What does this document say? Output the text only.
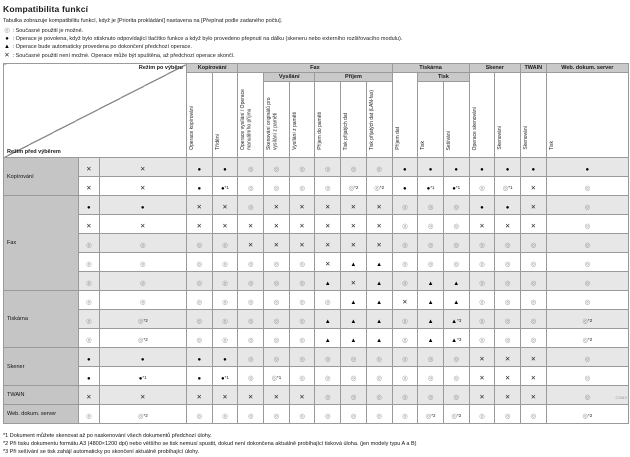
Kompatibilita funkcí

Tabulka zobrazuje kompatibilitu funkcí, když je [Priorita prokládání] nastavena na [Přepínat podle zadaného počtu].

◎ : Současné použití je možné.
● : Operace je povolena, když bylo stisknuto odpovídající tlačítko funkce a když bylo provedeno přepnutí na dálku (skeneru nebo externího rozšiřovacího modulu).
▲ : Operace bude automaticky provedena po dokončení předchozí operace.
✕ : Současné použití není možné. Operace může být spuštěna, až předchozí operace skončí.
Režim po výběru
Režim před výběrem			Kopírování		Fax						Tiskárna			Skener		TWAIN	Web. dokum. server
			Operace kopírování	Třídění	Operace vysílání / Operace manuálního příjmu	Vysílání		Příjem			Příjem dat	Tisk		Operace skenování	Skenování	Skenování	Tisk
						Skenování originálů pro vysílání z paměti	Vysílání z paměti	Příjem do paměti	Tisk přijatých dat	Tisk přijatých dat (LAN-fax)		Tisk	Sešívání				
Kopírování	✕	✕	●	●	◎	◎	◎	◎	◎	◎	●	●	●	●	●	●	●
	✕	✕	●	●*1	◎	◎	◎	◎	◎*2	◎*2	●	●*1	●*1	◎	◎*1	✕	◎
Fax	●	●	✕	✕	◎	✕	✕	✕	✕	✕	◎	◎	◎	●	●	✕	◎
	✕	✕	✕	✕	✕	✕	✕	✕	✕	✕	◎	◎	◎	✕	✕	✕	◎
	◎	◎	◎	◎	✕	✕	✕	✕	✕	✕	◎	◎	◎	◎	◎	◎	◎
	◎	◎	◎	◎	◎	◎	◎	✕	▲	▲	◎	◎	◎	◎	◎	◎	◎
	◎	◎	◎	◎	◎	◎	◎	▲	✕	▲	◎	▲	▲	◎	◎	◎	◎
Tiskárna	◎	◎	◎	◎	◎	◎	◎	◎	▲	▲	✕	▲	▲	◎	◎	◎	◎
	◎	◎*2	◎	◎	◎	◎	◎	▲	▲	▲	◎	▲	▲*3	◎	◎	◎	◎*2
	◎	◎*2	◎	◎	◎	◎	◎	▲	▲	▲	◎	▲	▲*3	◎	◎	◎	◎*2
Skener	●	●	●	●	◎	◎	◎	◎	◎	◎	◎	◎	◎	✕	✕	✕	◎
	●	●*1	●	●*1	◎	◎*1	◎	◎	◎	◎	◎	◎	◎	✕	✕	✕	◎
TWAIN	✕	✕	✕	✕	✕	✕	✕	◎	◎	◎	◎	◎	◎	✕	✕	✕	◎
Web. dokum. server	◎	◎*2	◎	◎	◎	◎	◎	◎	◎	◎	◎	◎*2	◎*2	◎	◎	◎	◎*2
*1 Dokument můžete skenovat až po naskenování všech dokumentů předchozí úlohy.
*2 Při tisku dokumentu formátu A3 (4800×1200 dpi) nebo většího se tisk nemusí spustit, dokud není dokončena aktuálně probíhající tisková úloha. (jen modely typu A a B)
*3 Při sešívání se tisk zahájí automaticky po skončení aktuálně probíhající úlohy.
CSMX
